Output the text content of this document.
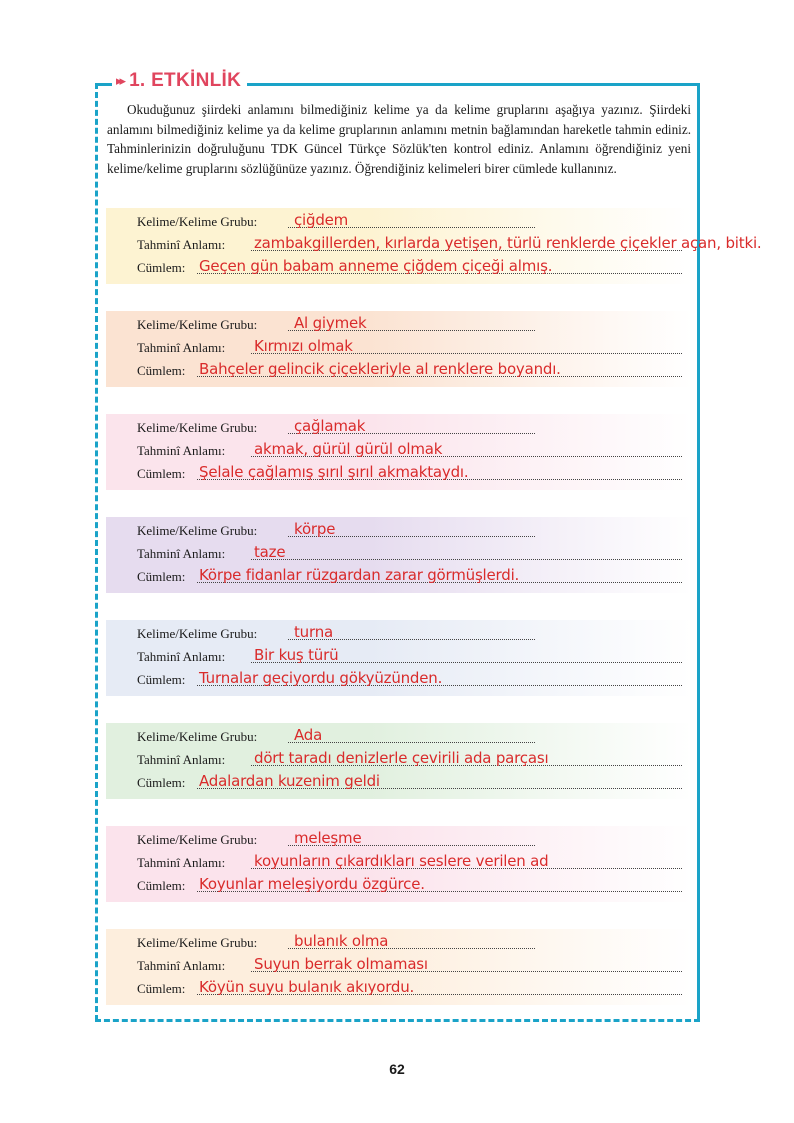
▸▸ 1. ETKİNLİK
Okuduğunuz şiirdeki anlamını bilmediğiniz kelime ya da kelime gruplarını aşağıya yazınız. Şiirdeki anlamını bilmediğiniz kelime ya da kelime gruplarının anlamını metnin bağlamından hareketle tahmin ediniz. Tahminlerinizin doğruluğunu TDK Güncel Türkçe Sözlük'ten kontrol ediniz. Anlamını öğrendiğiniz yeni kelime/kelime gruplarını sözlüğünüze yazınız. Öğrendiğiniz kelimeleri birer cümlede kullanınız.
Kelime/Kelime Grubu: çiğdem
Tahminî Anlamı: zambakgillerden, kırlarda yetişen, türlü renklerde çiçekler açan, bitki.
Cümlem: Geçen gün babam anneme çiğdem çiçeği almış.
Kelime/Kelime Grubu: Al giymek
Tahminî Anlamı: Kırmızı olmak
Cümlem: Bahçeler gelincik çiçekleriyle al renklere boyandı.
Kelime/Kelime Grubu: çağlamak
Tahminî Anlamı: akmak, gürül gürül olmak
Cümlem: Şelale çağlamış şırıl şırıl akmaktaydı.
Kelime/Kelime Grubu: körpe
Tahminî Anlamı: taze
Cümlem: Körpe fidanlar rüzgardan zarar görmüşlerdi.
Kelime/Kelime Grubu: turna
Tahminî Anlamı: Bir kuş türü
Cümlem: Turnalar geçiyordu gökyüzünden.
Kelime/Kelime Grubu: Ada
Tahminî Anlamı: dört taradı denizlerle çevirili ada parçası
Cümlem: Adalardan kuzenim geldi
Kelime/Kelime Grubu: meleşme
Tahminî Anlamı: koyunların çıkardıkları seslere verilen ad
Cümlem: Koyunlar meleşiyordu özgürce.
Kelime/Kelime Grubu: bulanık olma
Tahminî Anlamı: Suyun berrak olmaması
Cümlem: Köyün suyu bulanık akıyordu.
62
